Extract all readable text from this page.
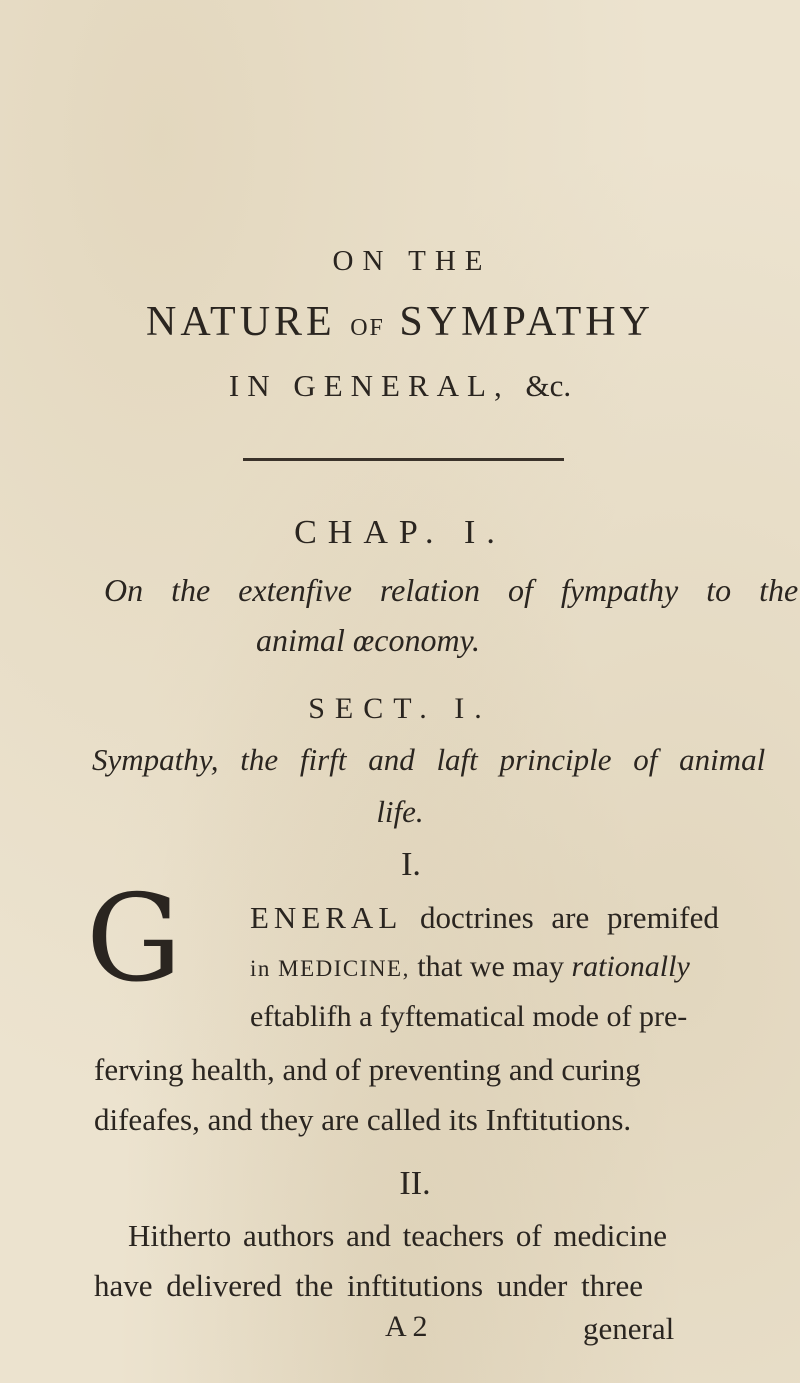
ON THE
NATURE OF SYMPATHY
IN GENERAL, &c.
CHAP. I.
On the extenfive relation of fympathy to the
animal œconomy.
SECT. I.
Sympathy, the firft and laft principle of animal
life.
I.
G ENERAL doctrines are premifed
in MEDICINE, that we may rationally
eftablifh a fyftematical mode of pre-
ferving health, and of preventing and curing
difeafes, and they are called its Inftitutions.
II.
Hitherto authors and teachers of medicine
have delivered the inftitutions under three
A 2	general
